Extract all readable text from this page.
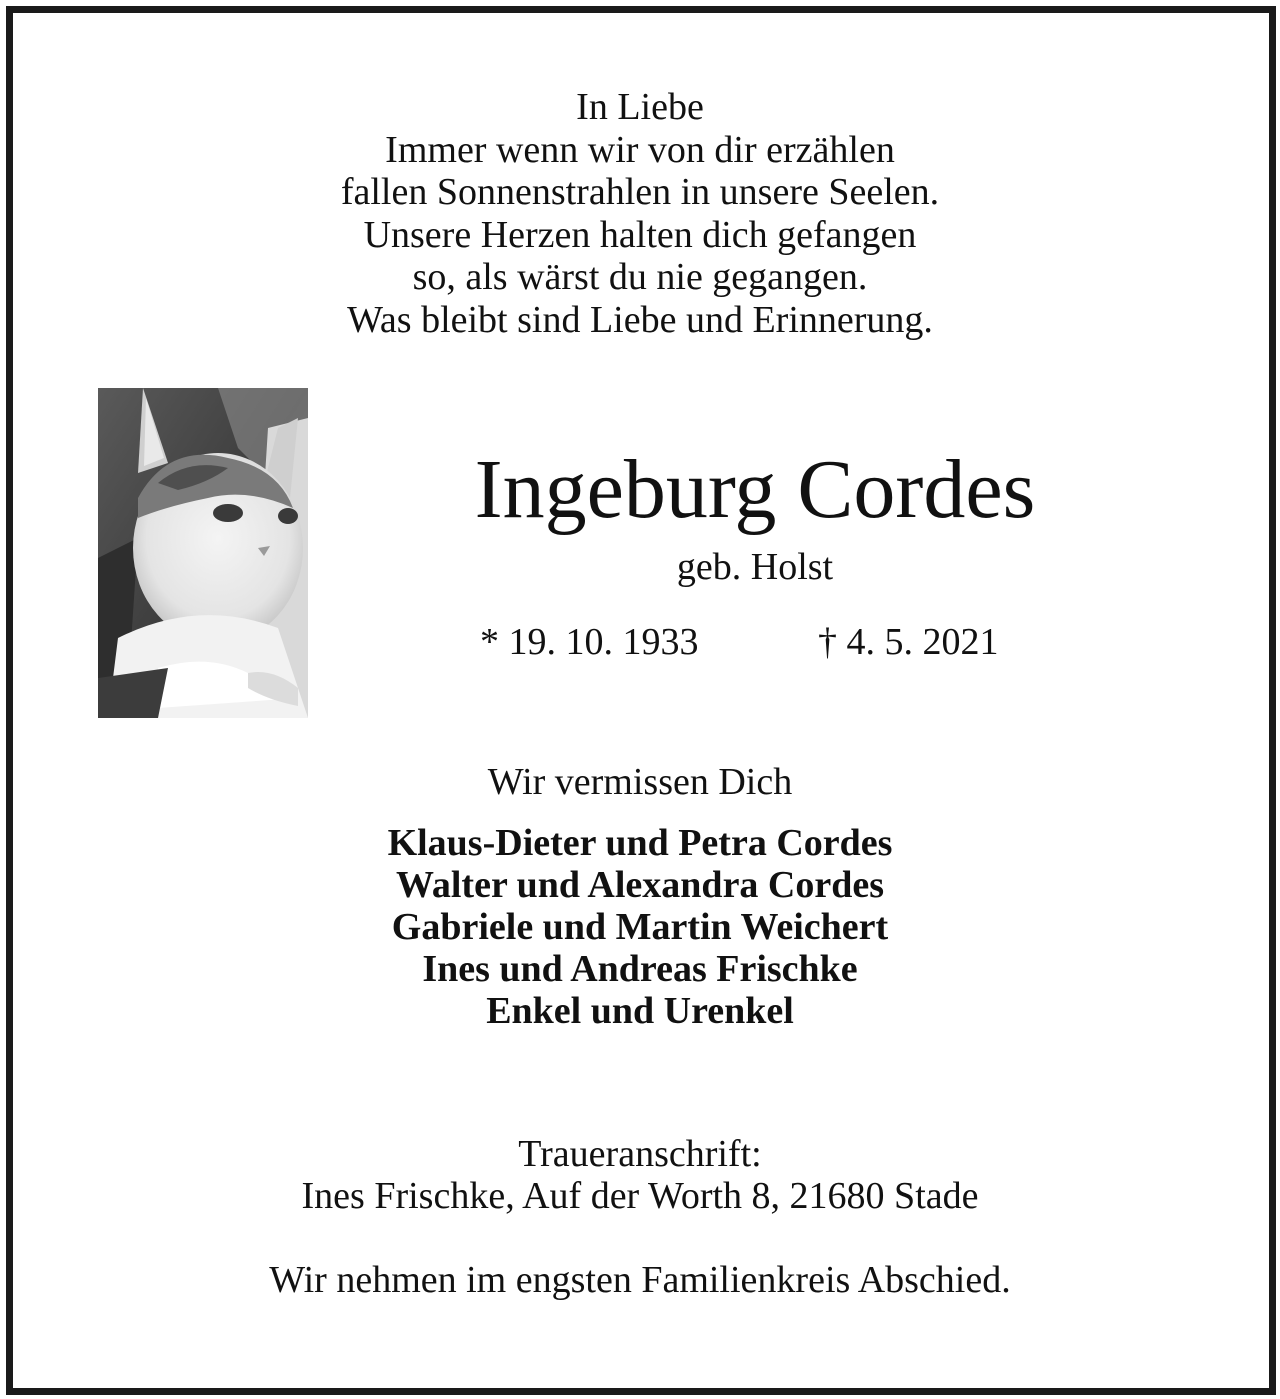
In Liebe
Immer wenn wir von dir erzählen
fallen Sonnenstrahlen in unsere Seelen.
Unsere Herzen halten dich gefangen
so, als wärst du nie gegangen.
Was bleibt sind Liebe und Erinnerung.
Ingeburg Cordes
geb. Holst
* 19. 10. 1933	† 4. 5. 2021
Wir vermissen Dich
Klaus-Dieter und Petra Cordes
Walter und Alexandra Cordes
Gabriele und Martin Weichert
Ines und Andreas Frischke
Enkel und Urenkel
Traueranschrift:
Ines Frischke, Auf der Worth 8, 21680 Stade
Wir nehmen im engsten Familienkreis Abschied.
